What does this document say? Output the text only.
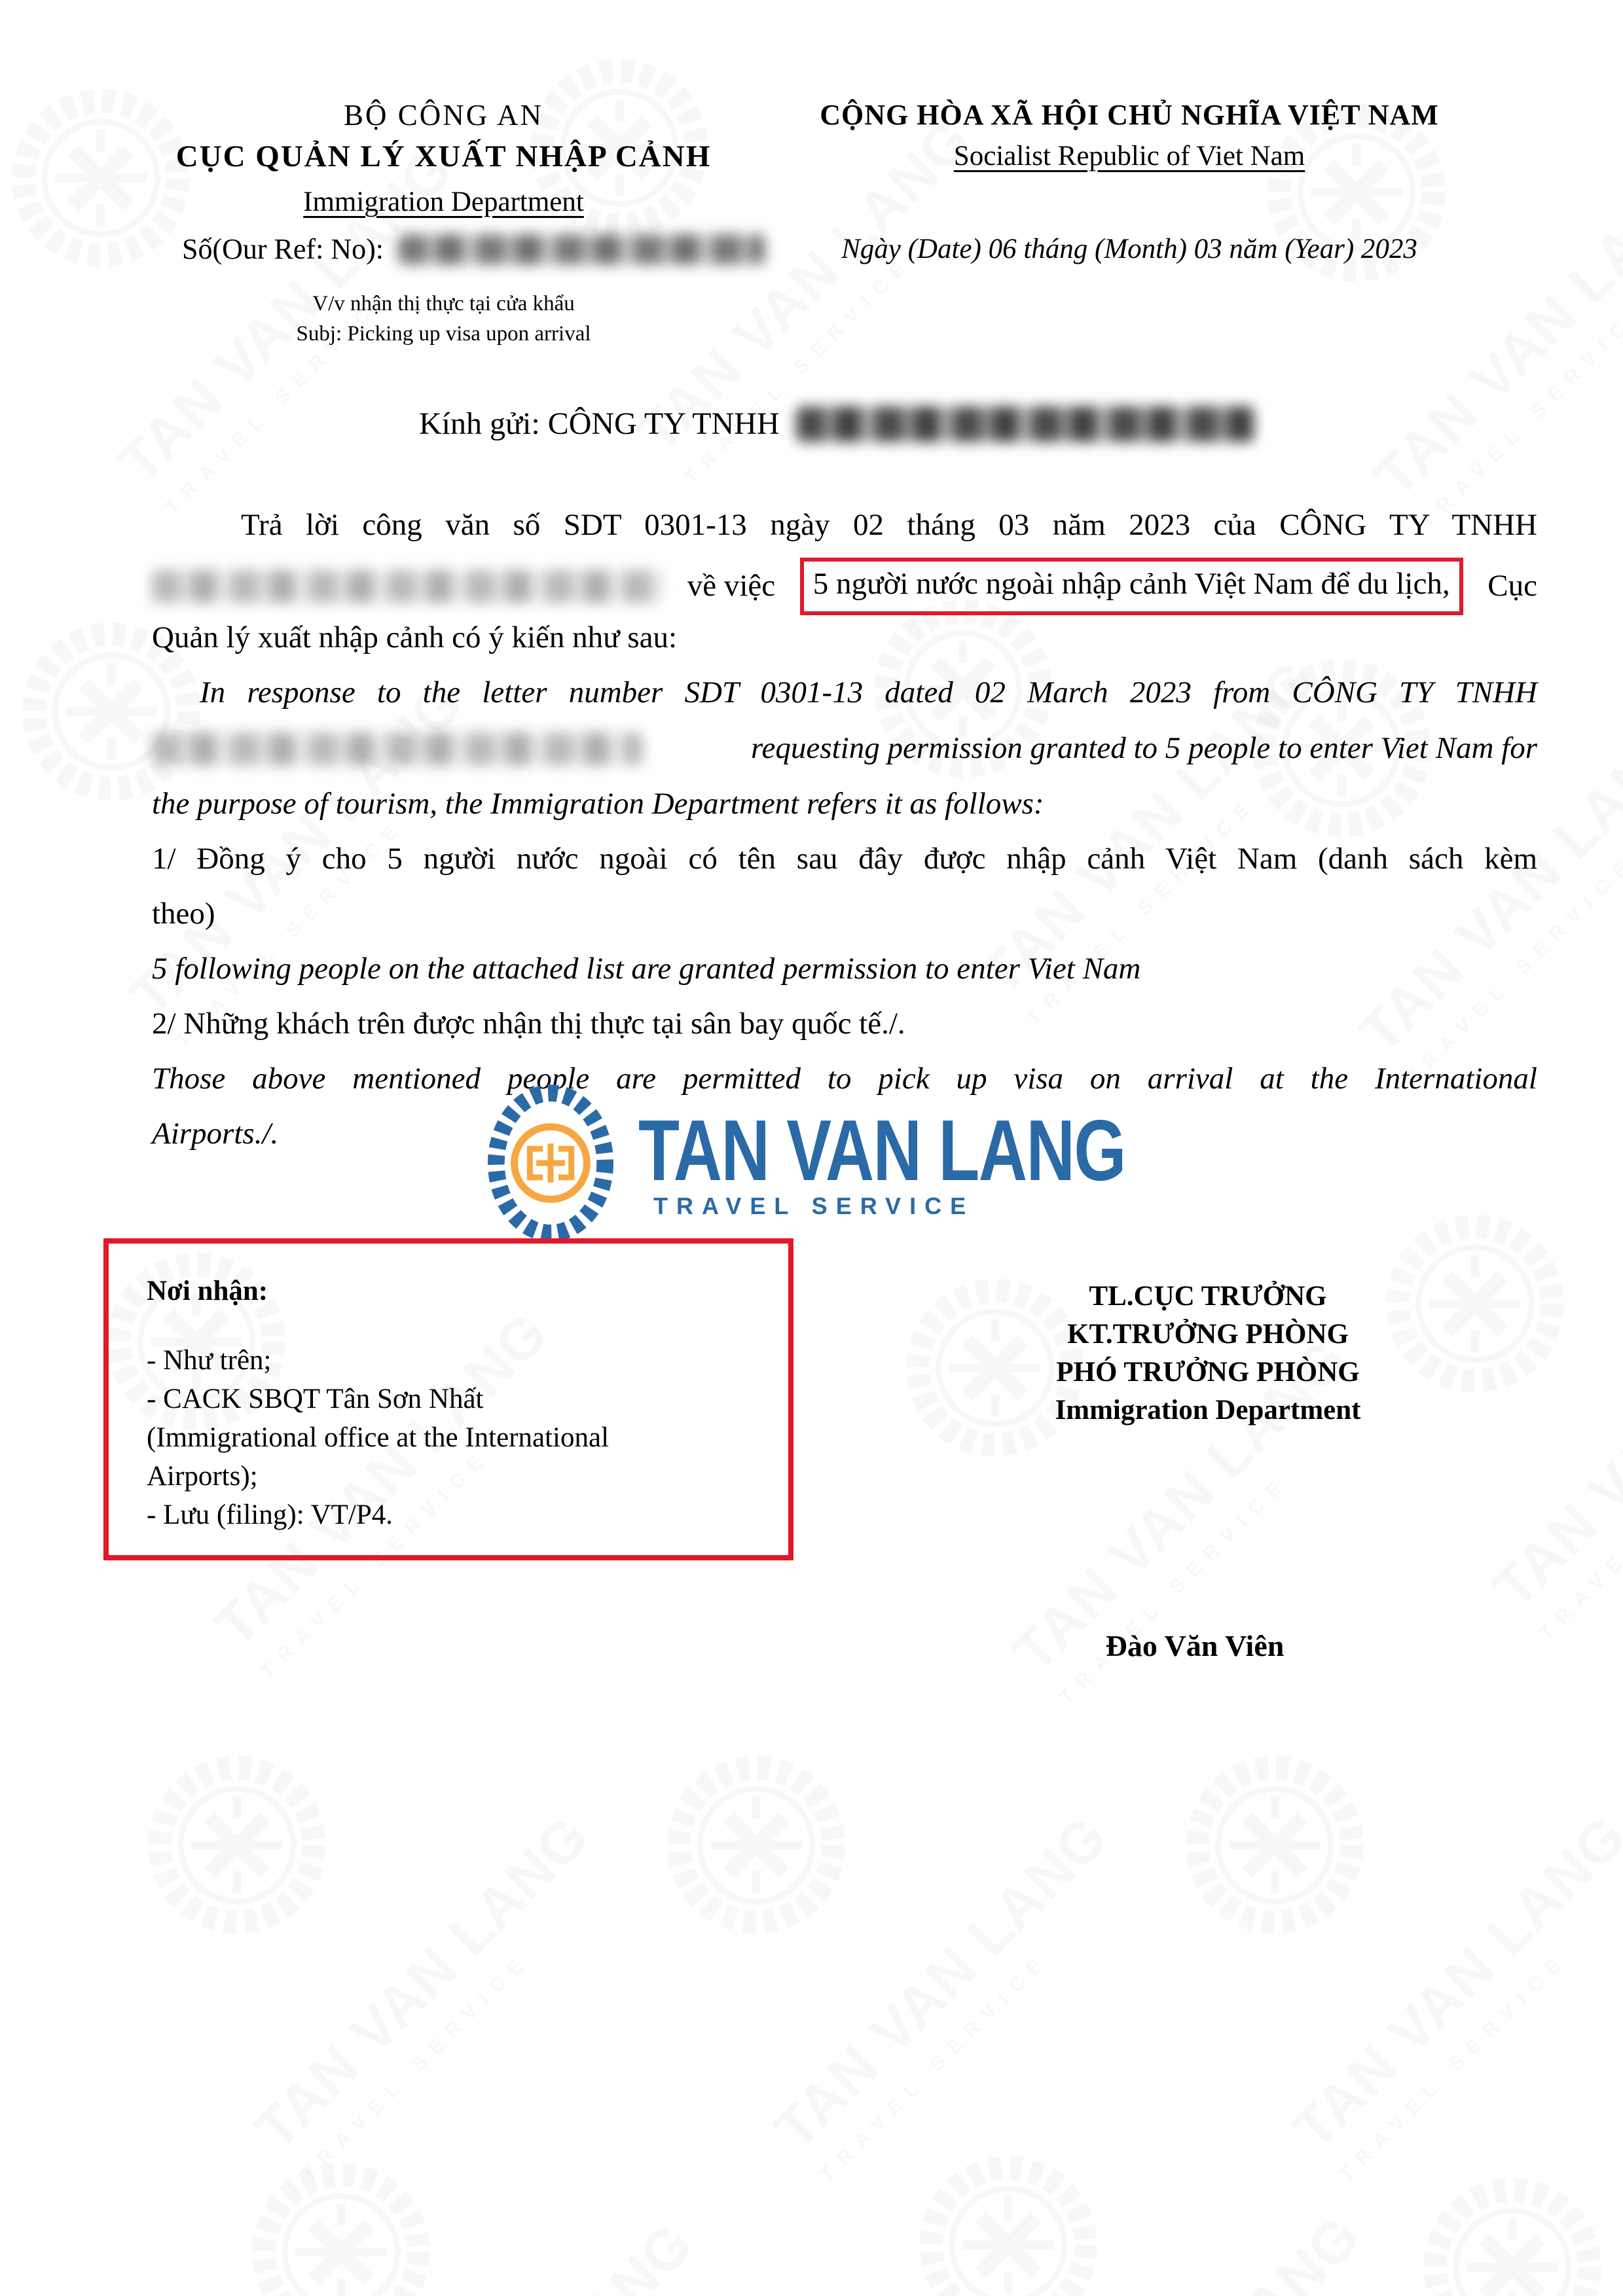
BỘ CÔNG AN
CỤC QUẢN LÝ XUẤT NHẬP CẢNH
Immigration Department
Số(Our Ref: No):
V/v nhận thị thực tại cửa khẩu
Subj: Picking up visa upon arrival
CỘNG HÒA XÃ HỘI CHỦ NGHĨA VIỆT NAM
Socialist Republic of Viet Nam
Ngày (Date) 06 tháng (Month) 03 năm (Year) 2023
Kính gửi: CÔNG TY TNHH
Trả lời công văn số SDT 0301-13 ngày 02 tháng 03 năm 2023 của CÔNG TY TNHH
về việc	5 người nước ngoài nhập cảnh Việt Nam để du lịch,	Cục
Quản lý xuất nhập cảnh có ý kiến như sau:
In response to the letter number SDT 0301-13 dated 02 March 2023 from CÔNG TY TNHH
requesting permission granted to 5 people to enter Viet Nam for
the purpose of tourism, the Immigration Department refers it as follows:
1/ Đồng ý cho 5 người nước ngoài có tên sau đây được nhập cảnh Việt Nam (danh sách kèm
theo)
5 following people on the attached list are granted permission to enter Viet Nam
2/ Những khách trên được nhận thị thực tại sân bay quốc tế./.
Those above mentioned people are permitted to pick up visa on arrival at the International
Airports./.	TAN VAN LANG
TRAVEL SERVICE
Nơi nhận:
- Như trên;
- CACK SBQT Tân Sơn Nhất
(Immigrational office at the International
Airports);
- Lưu (filing): VT/P4.
TL.CỤC TRƯỞNG
KT.TRƯỞNG PHÒNG
PHÓ TRƯỞNG PHÒNG
Immigration Department
Đào Văn Viên
